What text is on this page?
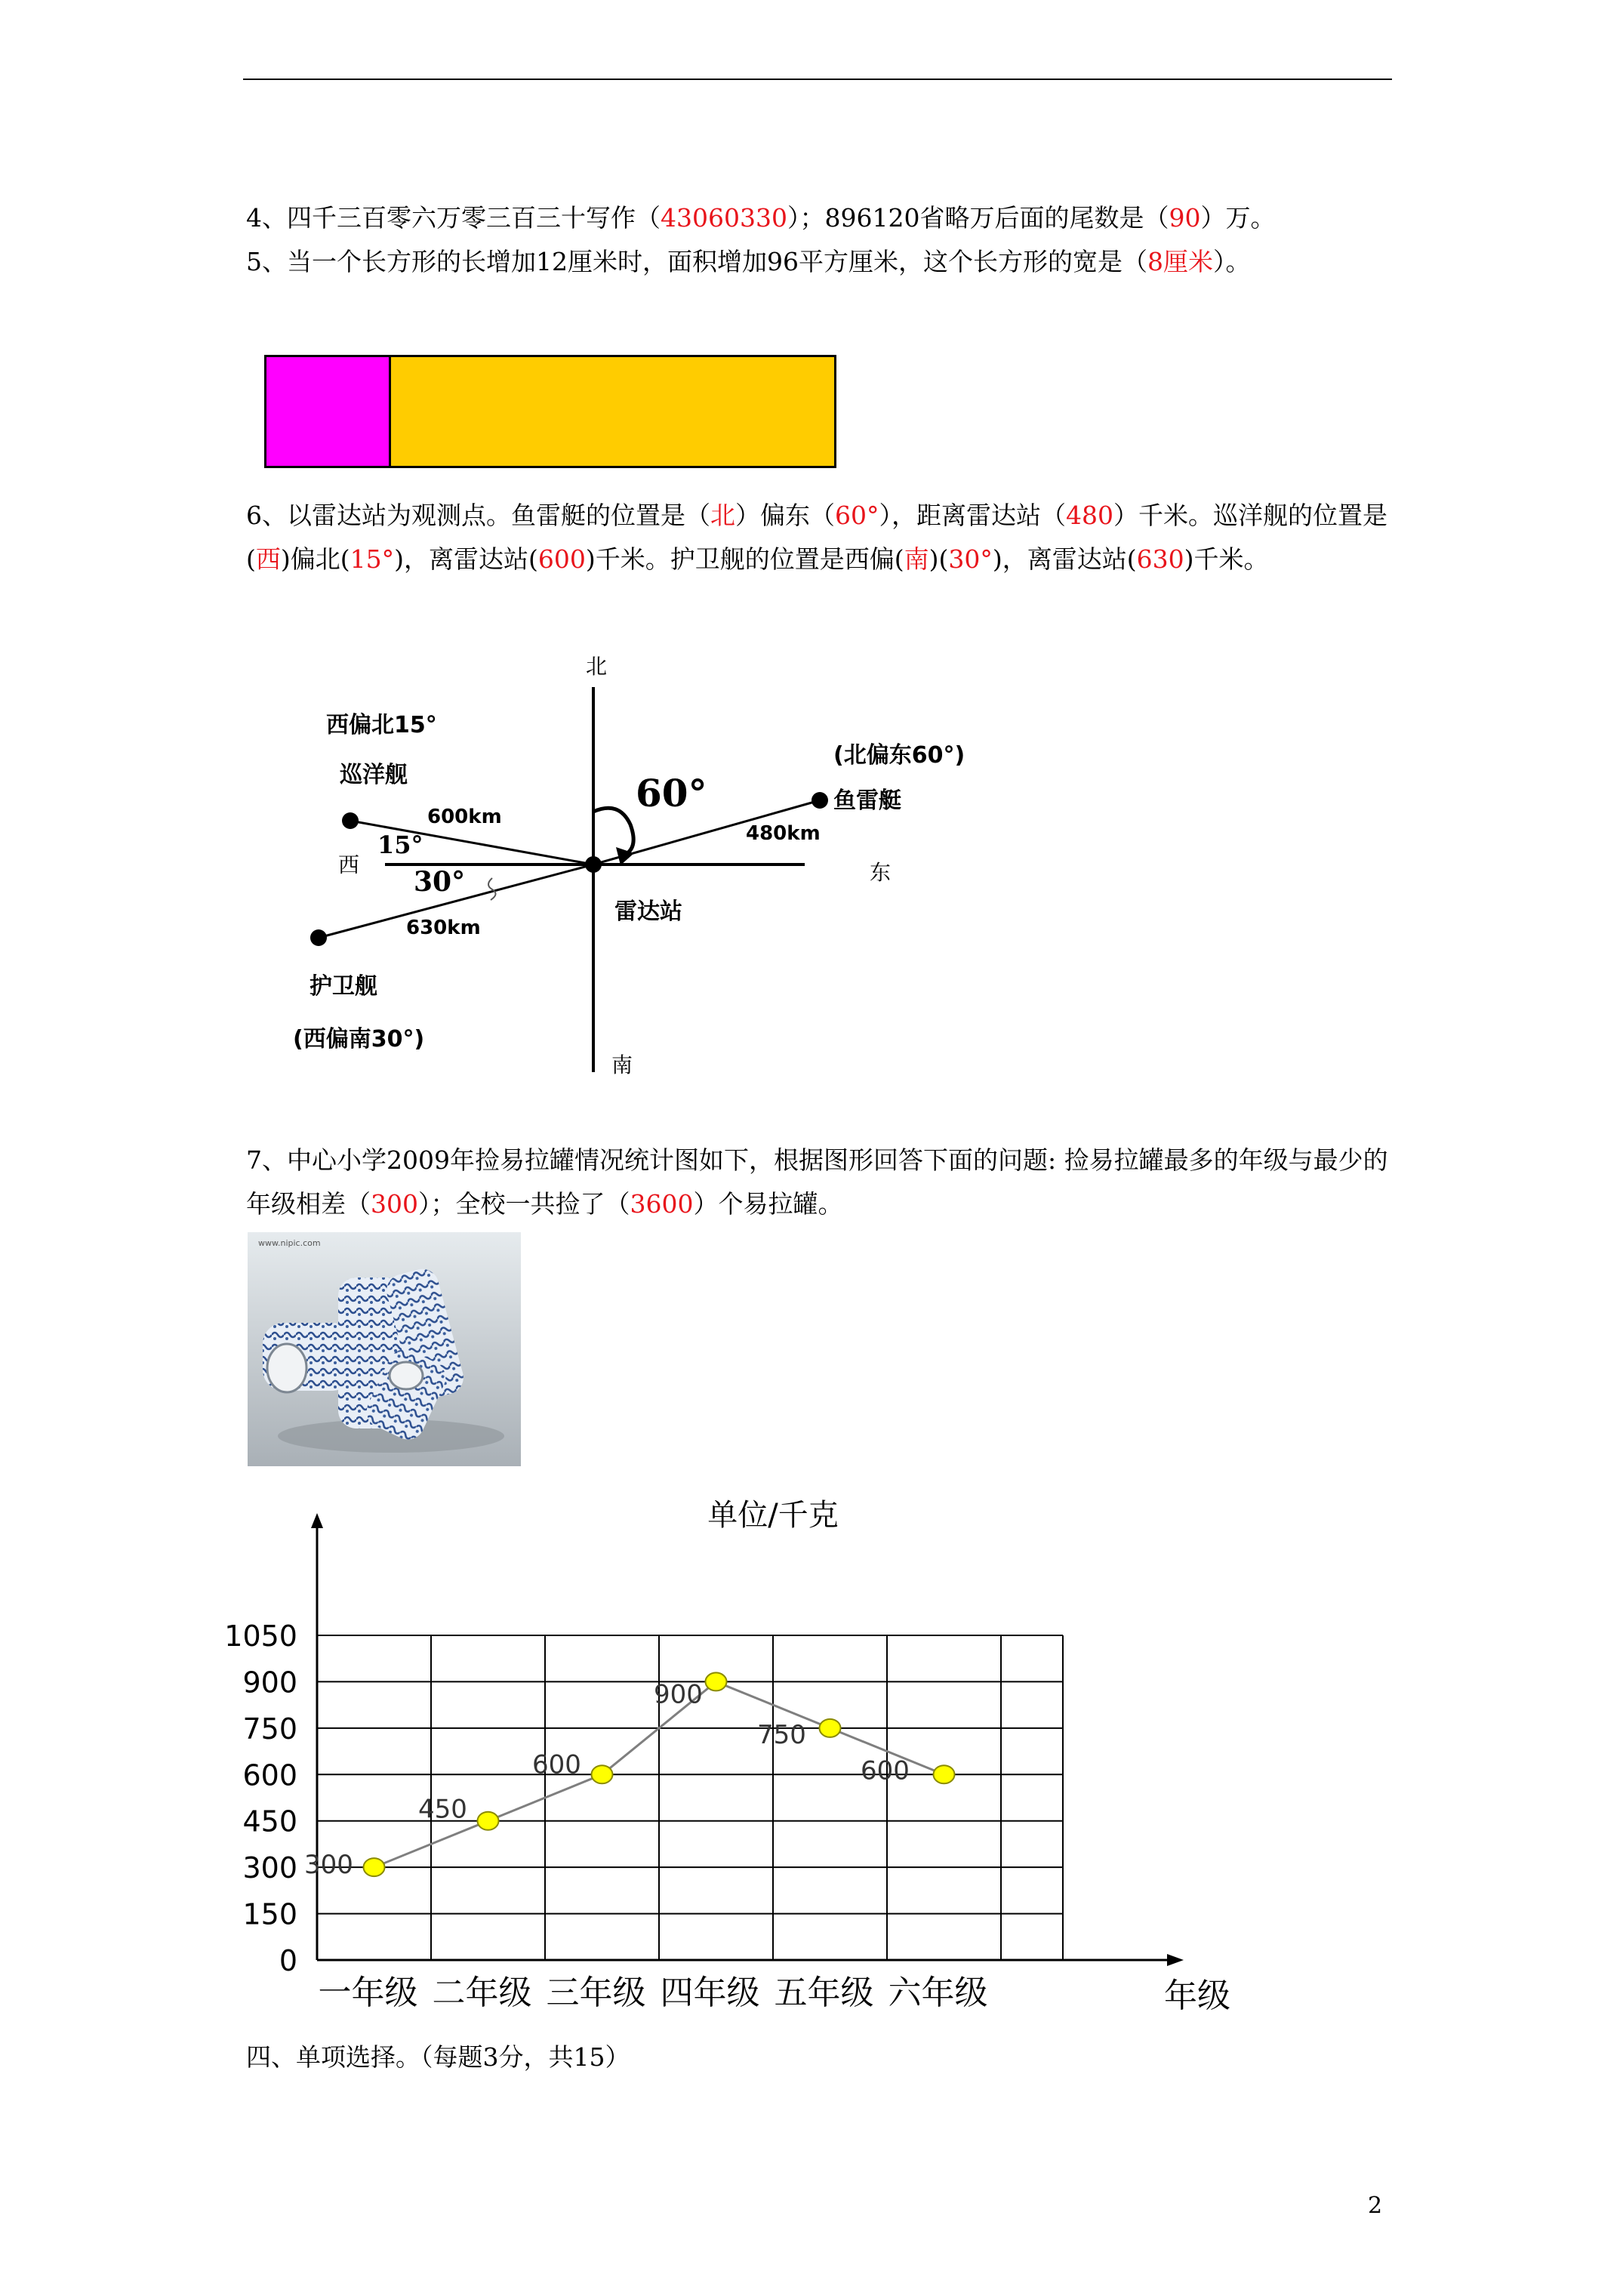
4、四千三百零六万零三百三十写作（43060330）；896120省略万后面的尾数是（90）万。
5、当一个长方形的长增加12厘米时，面积增加96平方厘米，这个长方形的宽是（8厘米）。
6、以雷达站为观测点。鱼雷艇的位置是（北）偏东（60°），距离雷达站（480）千米。巡洋舰的位置是(西)偏北(15°)，离雷达站(600)千米。护卫舰的位置是西偏(南)(30°)，离雷达站(630)千米。
北
南
东
西
雷达站
60°
15°
30°
西偏北15°
巡洋舰
600km
(北偏东60°)
鱼雷艇
480km
护卫舰
(西偏南30°)
630km
7、中心小学2009年捡易拉罐情况统计图如下，根据图形回答下面的问题: 捡易拉罐最多的年级与最少的年级相差（300）；全校一共捡了（3600）个易拉罐。
www.nipic.com
单位/千克
0
150
300
450
600
750
900
1050
一年级 二年级 三年级 四年级 五年级 六年级
300
450
600
900
750
600
年级
四、单项选择。（每题3分，共15）
2
